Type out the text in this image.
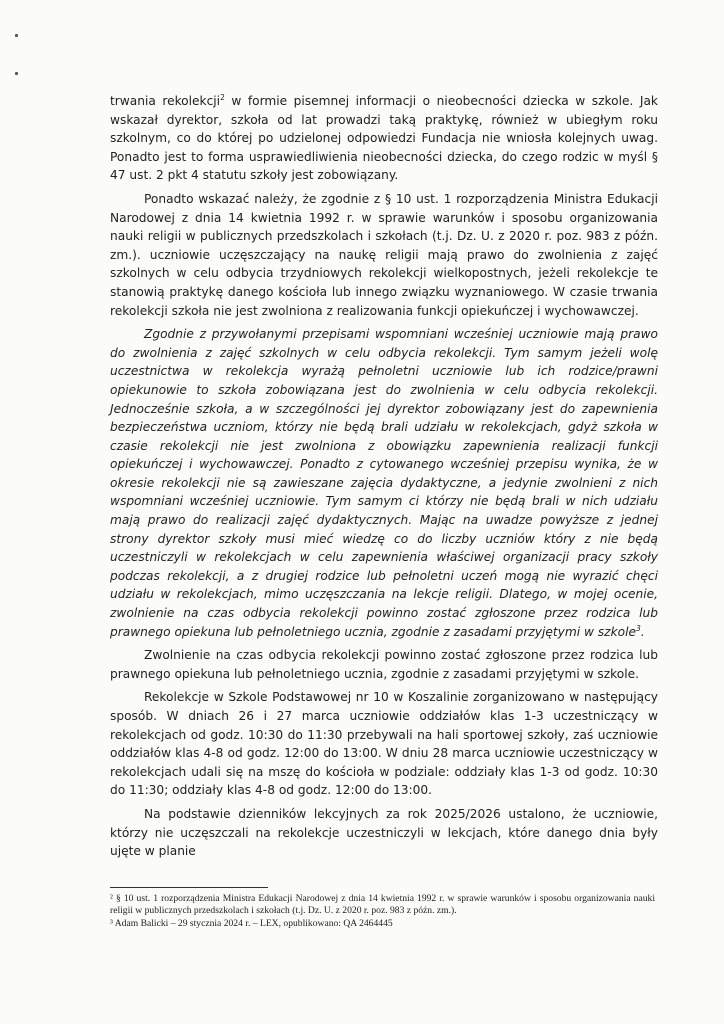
trwania rekolekcji$^2$ w formie pisemnej informacji o nieobecności dziecka w szkole. Jak wskazał dyrektor, szkoła od lat prowadzi taką praktykę, również w ubiegłym roku szkolnym, co do której po udzielonej odpowiedzi Fundacja nie wniosła kolejnych uwag. Ponadto jest to forma usprawiedliwienia nieobecności dziecka, do czego rodzic w myśl § 47 ust. 2 pkt 4 statutu szkoły jest zobowiązany.

Ponadto wskazać należy, że zgodnie z § 10 ust. 1 rozporządzenia Ministra Edukacji Narodowej z dnia 14 kwietnia 1992 r. w sprawie warunków i sposobu organizowania nauki religii w publicznych przedszkolach i szkołach (t.j. Dz. U. z 2020 r. poz. 983 z późn. zm.). uczniowie uczęszczający na naukę religii mają prawo do zwolnienia z zajęć szkolnych w celu odbycia trzydniowych rekolekcji wielkopostnych, jeżeli rekolekcje te stanowią praktykę danego kościoła lub innego związku wyznaniowego. W czasie trwania rekolekcji szkoła nie jest zwolniona z realizowania funkcji opiekuńczej i wychowawczej.

Zgodnie z przywołanymi przepisami wspomniani wcześniej uczniowie mają prawo do zwolnienia z zajęć szkolnych w celu odbycia rekolekcji. Tym samym jeżeli wolę uczestnictwa w rekolekcja wyrażą pełnoletni uczniowie lub ich rodzice/prawni opiekunowie to szkoła zobowiązana jest do zwolnienia w celu odbycia rekolekcji. Jednocześnie szkoła, a w szczególności jej dyrektor zobowiązany jest do zapewnienia bezpieczeństwa uczniom, którzy nie będą brali udziału w rekolekcjach, gdyż szkoła w czasie rekolekcji nie jest zwolniona z obowiązku zapewnienia realizacji funkcji opiekuńczej i wychowawczej. Ponadto z cytowanego wcześniej przepisu wynika, że w okresie rekolekcji nie są zawieszane zajęcia dydaktyczne, a jedynie zwolnieni z nich wspomniani wcześniej uczniowie. Tym samym ci którzy nie będą brali w nich udziału mają prawo do realizacji zajęć dydaktycznych. Mając na uwadze powyższe z jednej strony dyrektor szkoły musi mieć wiedzę co do liczby uczniów który z nie będą uczestniczyli w rekolekcjach w celu zapewnienia właściwej organizacji pracy szkoły podczas rekolekcji, a z drugiej rodzice lub pełnoletni uczeń mogą nie wyrazić chęci udziału w rekolekcjach, mimo uczęszczania na lekcje religii. Dlatego, w mojej ocenie, zwolnienie na czas odbycia rekolekcji powinno zostać zgłoszone przez rodzica lub prawnego opiekuna lub pełnoletniego ucznia, zgodnie z zasadami przyjętymi w szkole$^3$.

Zwolnienie na czas odbycia rekolekcji powinno zostać zgłoszone przez rodzica lub prawnego opiekuna lub pełnoletniego ucznia, zgodnie z zasadami przyjętymi w szkole.

Rekolekcje w Szkole Podstawowej nr 10 w Koszalinie zorganizowano w następujący sposób. W dniach 26 i 27 marca uczniowie oddziałów klas 1-3 uczestniczący w rekolekcjach od godz. 10:30 do 11:30 przebywali na hali sportowej szkoły, zaś uczniowie oddziałów klas 4-8 od godz. 12:00 do 13:00. W dniu 28 marca uczniowie uczestniczący w rekolekcjach udali się na mszę do kościoła w podziale: oddziały klas 1-3 od godz. 10:30 do 11:30; oddziały klas 4-8 od godz. 12:00 do 13:00.

Na podstawie dzienników lekcyjnych za rok 2025/2026 ustalono, że uczniowie, którzy nie uczęszczali na rekolekcje uczestniczyli w lekcjach, które danego dnia były ujęte w planie

² § 10 ust. 1 rozporządzenia Ministra Edukacji Narodowej z dnia 14 kwietnia 1992 r. w sprawie warunków i sposobu organizowania nauki religii w publicznych przedszkolach i szkołach (t.j. Dz. U. z 2020 r. poz. 983 z późn. zm.).
³ Adam Balicki – 29 stycznia 2024 r. – LEX, opublikowano: QA 2464445
